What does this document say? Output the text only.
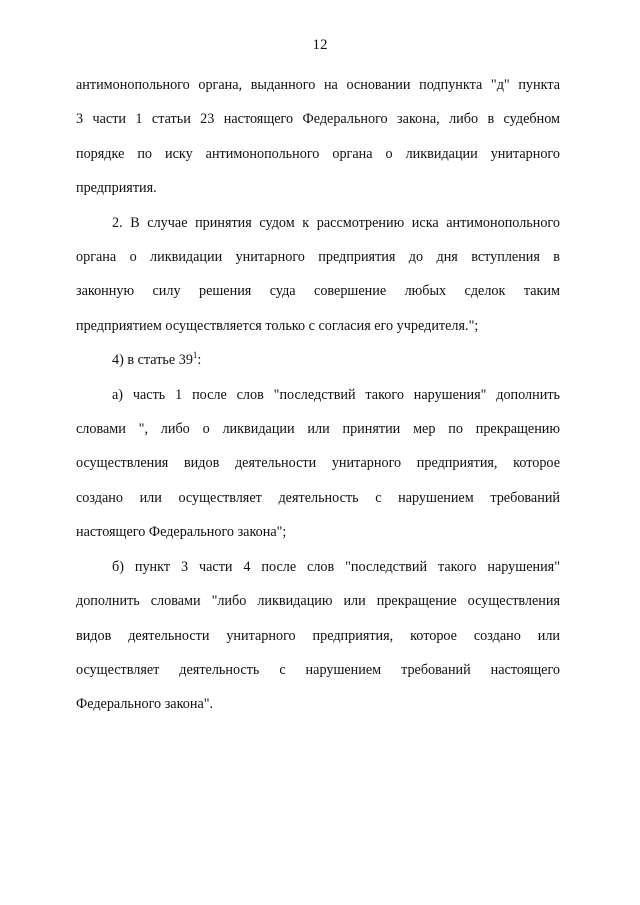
12

антимонопольного органа, выданного на основании подпункта "д" пункта
3 части 1 статьи 23 настоящего Федерального закона, либо в судебном
порядке по иску антимонопольного органа о ликвидации унитарного
предприятия.

2. В случае принятия судом к рассмотрению иска антимонопольного
органа о ликвидации унитарного предприятия до дня вступления в
законную силу решения суда совершение любых сделок таким
предприятием осуществляется только с согласия его учредителя.";

4) в статье $39^1$:

а) часть 1 после слов "последствий такого нарушения" дополнить
словами ", либо о ликвидации или принятии мер по прекращению
осуществления видов деятельности унитарного предприятия, которое
создано или осуществляет деятельность с нарушением требований
настоящего Федерального закона";

б) пункт 3 части 4 после слов "последствий такого нарушения"
дополнить словами "либо ликвидацию или прекращение осуществления
видов деятельности унитарного предприятия, которое создано или
осуществляет деятельность с нарушением требований настоящего
Федерального закона".
